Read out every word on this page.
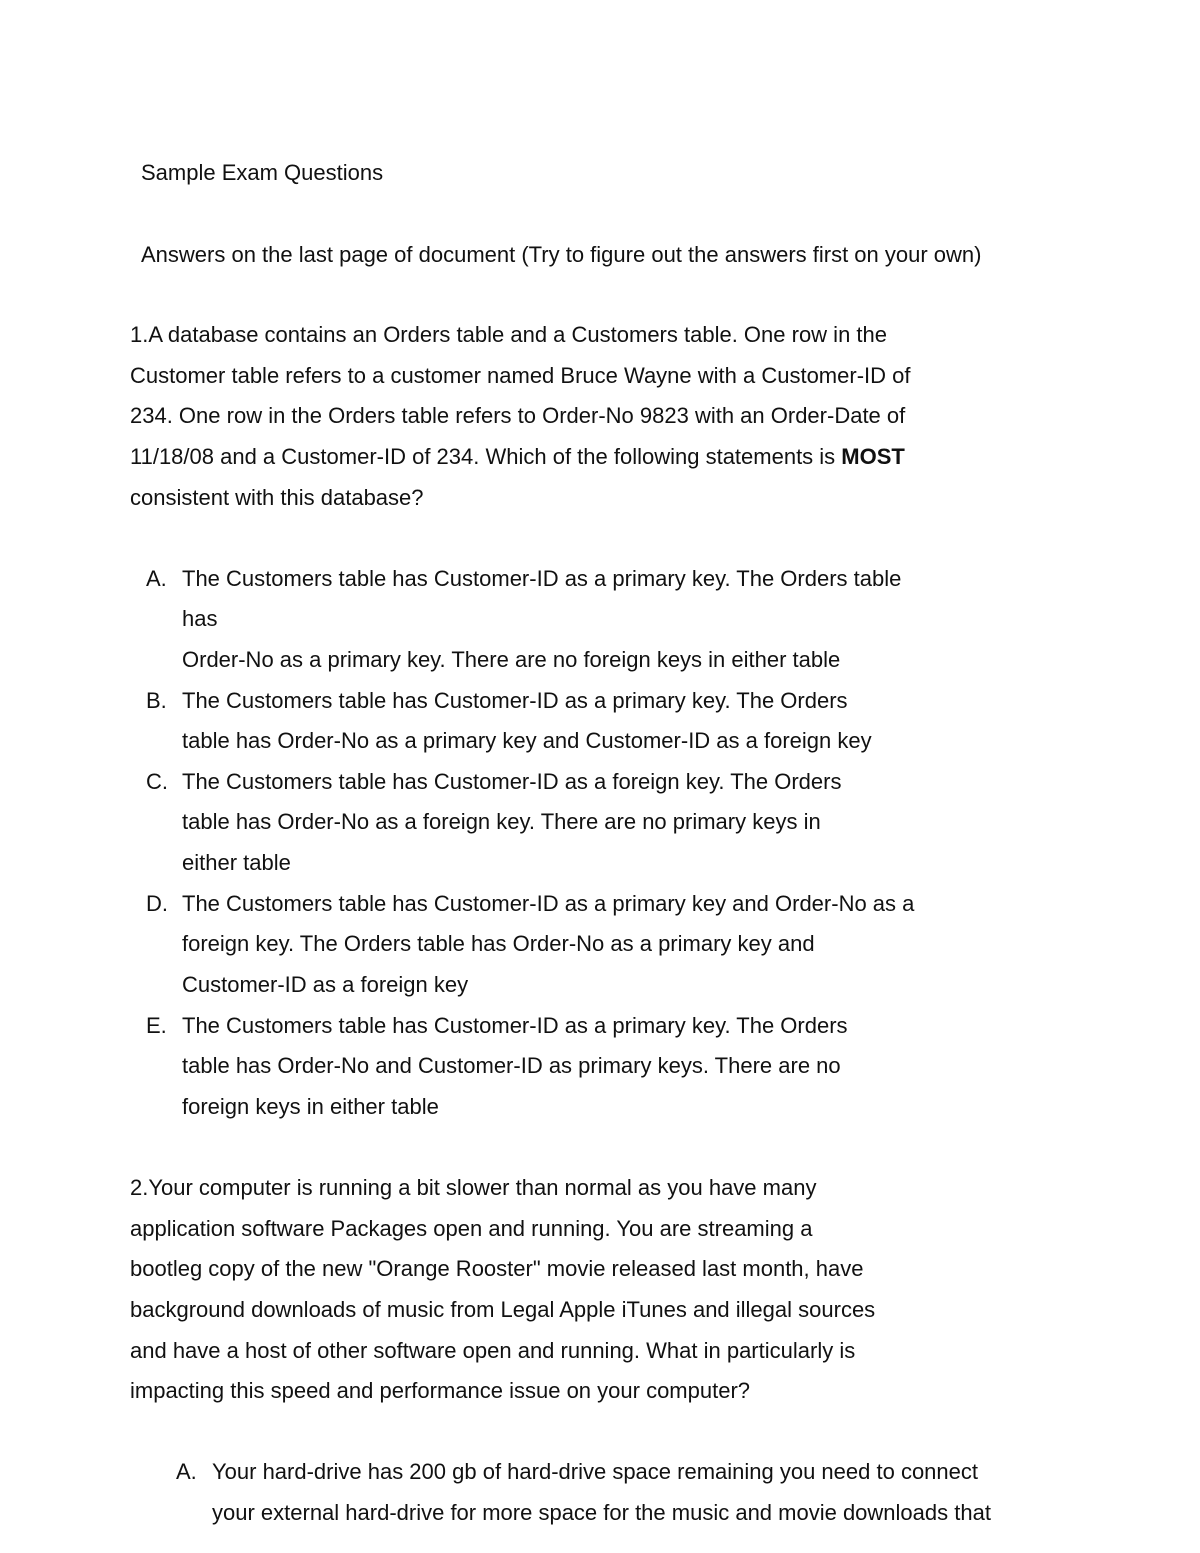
Sample Exam Questions
Answers on the last page of document (Try to figure out the answers first on your own)
1.A database contains an Orders table and a Customers table. One row in the
Customer table refers to a customer named Bruce Wayne with a Customer-ID of
234. One row in the Orders table refers to Order-No 9823 with an Order-Date of
11/18/08 and a Customer-ID of 234. Which of the following statements is MOST
consistent with this database?
A. The Customers table has Customer-ID as a primary key. The Orders table
has
Order-No as a primary key. There are no foreign keys in either table
B. The Customers table has Customer-ID as a primary key. The Orders
table has Order-No as a primary key and Customer-ID as a foreign key
C. The Customers table has Customer-ID as a foreign key. The Orders
table has Order-No as a foreign key. There are no primary keys in
either table
D. The Customers table has Customer-ID as a primary key and Order-No as a
foreign key. The Orders table has Order-No as a primary key and
Customer-ID as a foreign key
E. The Customers table has Customer-ID as a primary key. The Orders
table has Order-No and Customer-ID as primary keys. There are no
foreign keys in either table
2.Your computer is running a bit slower than normal as you have many
application software Packages open and running. You are streaming a
bootleg copy of the new "Orange Rooster" movie released last month, have
background downloads of music from Legal Apple iTunes and illegal sources
and have a host of other software open and running. What in particularly is
impacting this speed and performance issue on your computer?
A. Your hard-drive has 200 gb of hard-drive space remaining you need to connect
your external hard-drive for more space for the music and movie downloads that
